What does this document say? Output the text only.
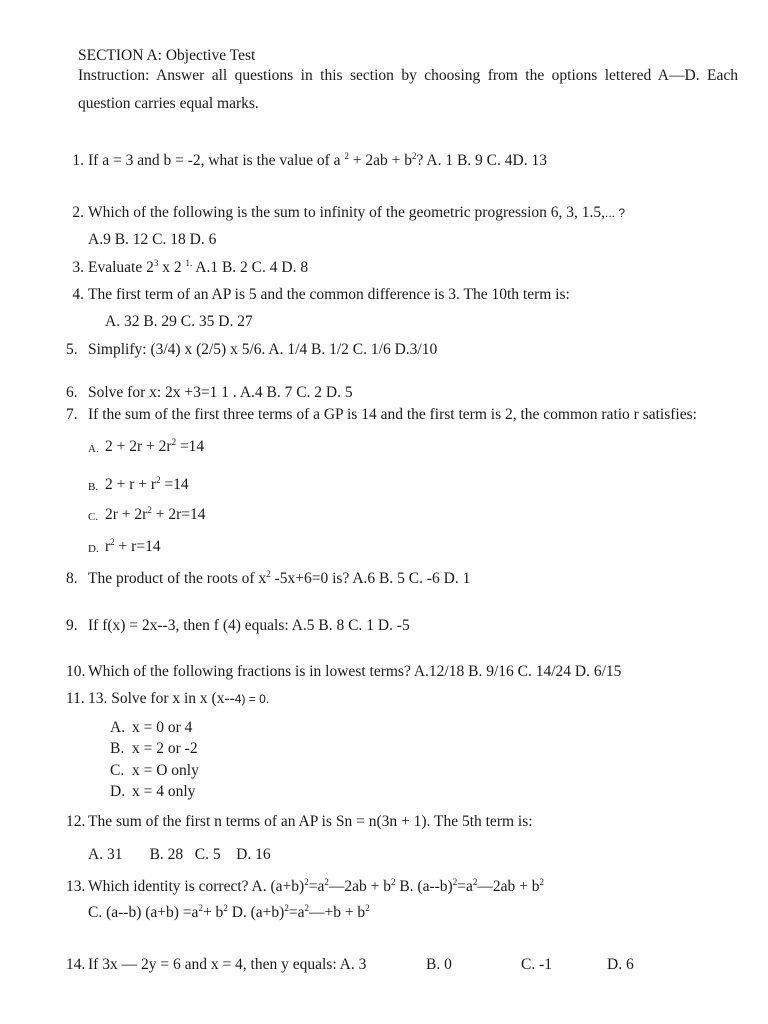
SECTION A: Objective Test
Instruction: Answer all questions in this section by choosing from the options lettered A—D. Each
question carries equal marks.
1. If a = 3 and b = -2, what is the value of a $^2 + 2ab + b^2$? A. 1 B. 9 C. 4D. 13
2. Which of the following is the sum to infinity of the geometric progression 6, 3, 1.5,... ?
A.9 B. 12 C. 18 D. 6
3. Evaluate $2^3$ x 2 $^{1.}$ A.1 B. 2 C. 4 D. 8
4. The first term of an AP is 5 and the common difference is 3. The 10th term is:
A. 32 B. 29 C. 35 D. 27
5. Simplify: (3/4) x (2/5) x 5/6. A. 1/4 B. 1/2 C. 1/6 D.3/10
6. Solve for x: 2x +3=1 1 . A.4 B. 7 C. 2 D. 5
7. If the sum of the first three terms of a GP is 14 and the first term is 2, the common ratio r satisfies:
A. $2 + 2r + 2r^2 =14$
B. $2 + r + r^2 =14$
C. $2r + 2r^2 + 2r=14$
D. $r^2 + r=14$
8. The product of the roots of $x^2$ -5x+6=0 is? A.6 B. 5 C. -6 D. 1
9. If f(x) = 2x--3, then f (4) equals: A.5 B. 8 C. 1 D. -5
10. Which of the following fractions is in lowest terms? A.12/18 B. 9/16 C. 14/24 D. 6/15
11. 13. Solve for x in x (x--4) = 0.
A. x = 0 or 4
B. x = 2 or -2
C. x = O only
D. x = 4 only
12. The sum of the first n terms of an AP is Sn = n(3n + 1). The 5th term is:
A. 31       B. 28   C. 5    D. 16
13. Which identity is correct? A. $(a+b)^2=a^2—2ab + b^2$ B. $(a--b)^2=a^2—2ab + b^2$
C. (a--b) $(a+b) =a^2+ b^2$ D. $(a+b)^2=a^2—+b + b^2$
14. If 3x — 2y = 6 and x = 4, then y equals: A. 3	B. 0	C. -1	D. 6
